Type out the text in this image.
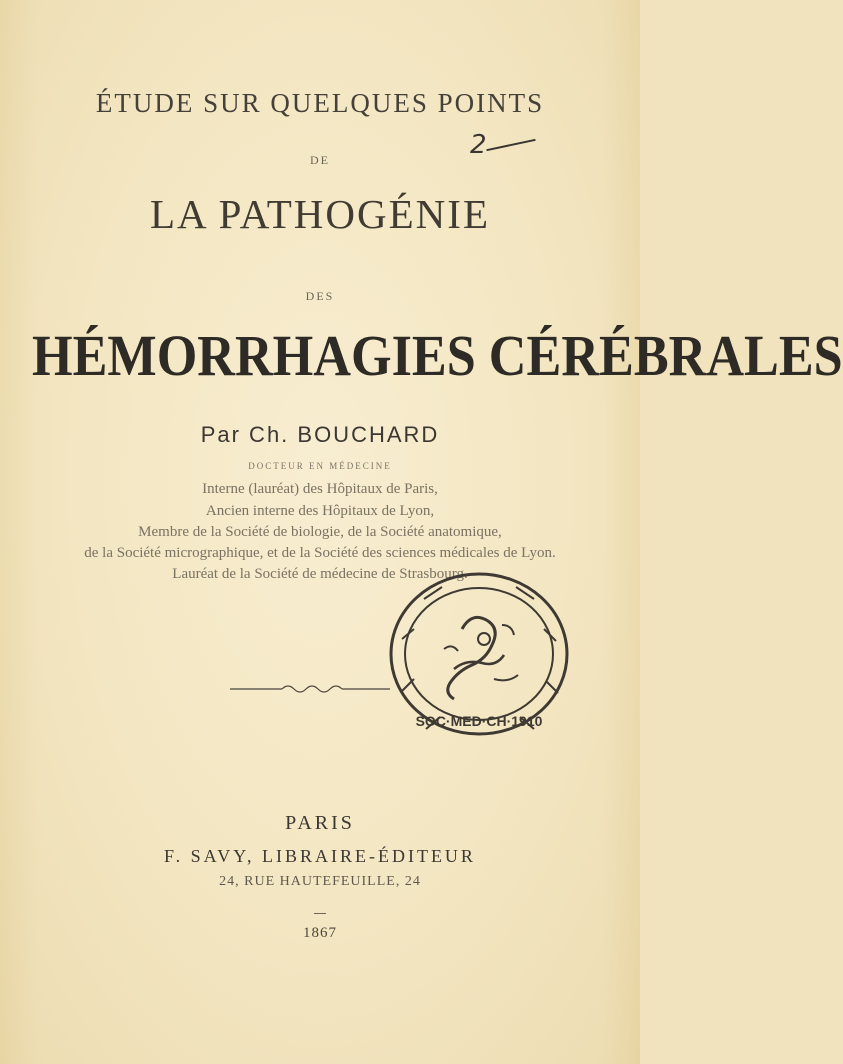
ÉTUDE SUR QUELQUES POINTS
DE	2
LA PATHOGÉNIE
DES
HÉMORRHAGIES CÉRÉBRALES
Par Ch. BOUCHARD
DOCTEUR EN MÉDECINE
Interne (lauréat) des Hôpitaux de Paris,
Ancien interne des Hôpitaux de Lyon,
Membre de la Société de biologie, de la Société anatomique,
de la Société micrographique, et de la Société des sciences médicales de Lyon.
Lauréat de la Société de médecine de Strasbourg.
SOC·MED·CH·1910
PARIS
F. SAVY, LIBRAIRE-ÉDITEUR
24, RUE HAUTEFEUILLE, 24
1867
